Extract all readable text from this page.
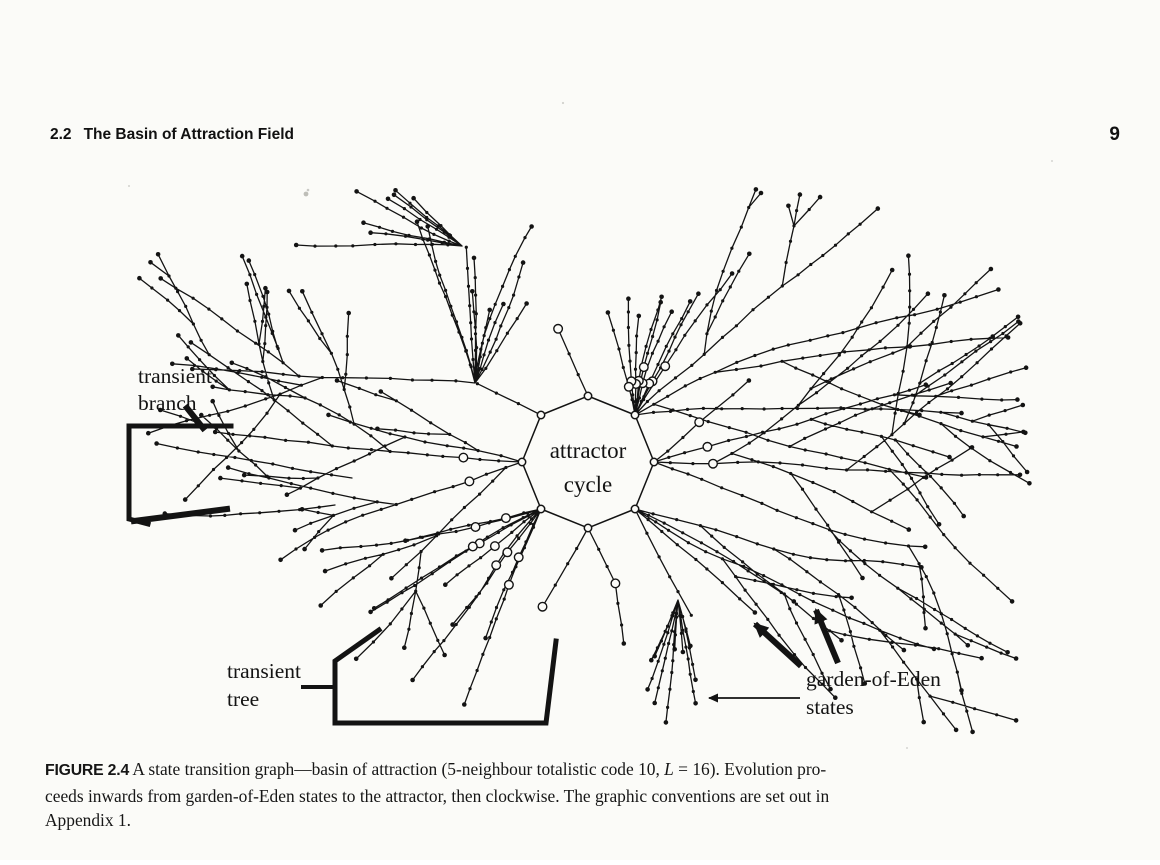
2.2 The Basin of Attraction Field	9
attractor
cycle
transient
branch
transient
tree
garden-of-Eden
states
FIGURE 2.4 A state transition graph—basin of attraction (5-neighbour totalistic code 10, L = 16). Evolution pro-
ceeds inwards from garden-of-Eden states to the attractor, then clockwise. The graphic conventions are set out in
Appendix 1.
